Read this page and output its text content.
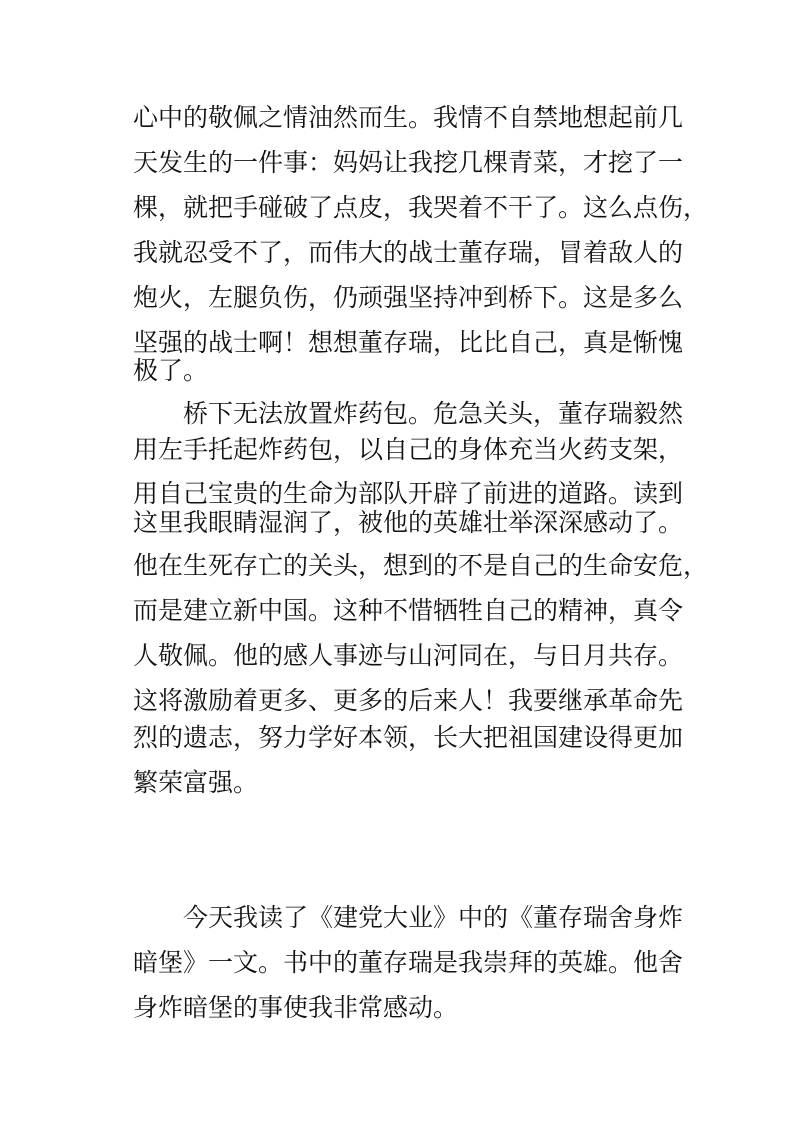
心中的敬佩之情油然而生。我情不自禁地想起前几
天发生的一件事：妈妈让我挖几棵青菜，才挖了一
棵，就把手碰破了点皮，我哭着不干了。这么点伤，
我就忍受不了，而伟大的战士董存瑞，冒着敌人的
炮火，左腿负伤，仍顽强坚持冲到桥下。这是多么
坚强的战士啊！想想董存瑞，比比自己，真是惭愧
极了。
　　桥下无法放置炸药包。危急关头，董存瑞毅然
用左手托起炸药包，以自己的身体充当火药支架，
用自己宝贵的生命为部队开辟了前进的道路。读到
这里我眼睛湿润了，被他的英雄壮举深深感动了。
他在生死存亡的关头，想到的不是自己的生命安危，
而是建立新中国。这种不惜牺牲自己的精神，真令
人敬佩。他的感人事迹与山河同在，与日月共存。
这将激励着更多、更多的后来人！我要继承革命先
烈的遗志，努力学好本领，长大把祖国建设得更加
繁荣富强。
　　今天我读了《建党大业》中的《董存瑞舍身炸
暗堡》一文。书中的董存瑞是我崇拜的英雄。他舍
身炸暗堡的事使我非常感动。
